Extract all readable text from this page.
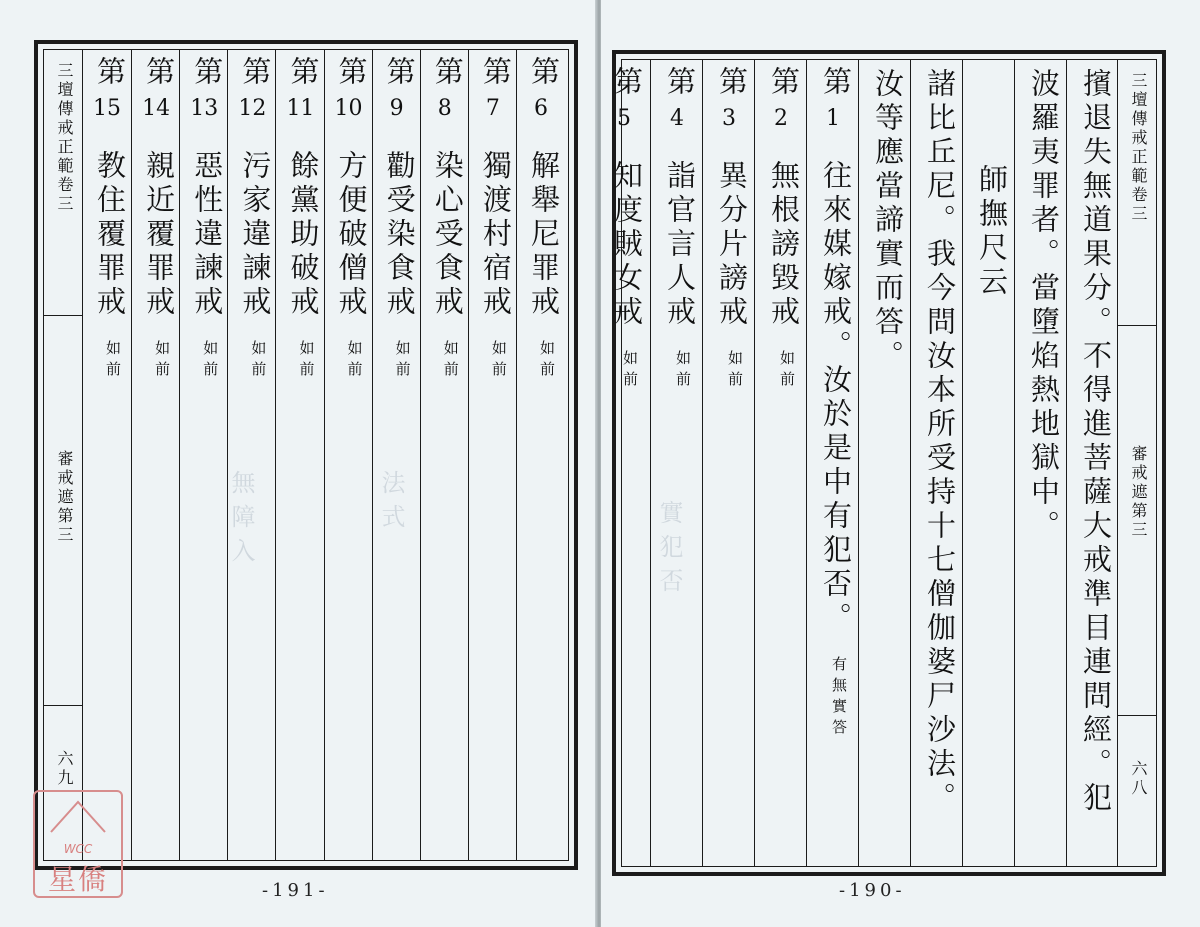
三壇傳戒正範卷三
審戒遮第三
六九
第
6
解舉尼罪戒
如前
第
7
獨渡村宿戒
如前
第
8
染心受食戒
如前
第
9
勸受染食戒
如前
第
10
方便破僧戒
如前
第
11
餘黨助破戒
如前
第
12
污家違諫戒
如前
第
13
惡性違諫戒
如前
第
14
親近覆罪戒
如前
第
15
教住覆罪戒
如前
無障入	法式
-191-
WCC
星僑
擯退失無道果分。不得進菩薩大戒準目連問經。犯
波羅夷罪者。當墮焰熱地獄中。
師撫尺云
諸比丘尼。我今問汝本所受持十七僧伽婆尸沙法。
汝等應當諦實而答。
第
1
往來媒嫁戒。汝於是中有犯否。
有無實答
第
2
無根謗毀戒
如前
第
3
異分片謗戒
如前
第
4
詣官言人戒
如前
第
5
知度賊女戒
如前
三壇傳戒正範卷三
審戒遮第三
六八
實犯否
-190-
